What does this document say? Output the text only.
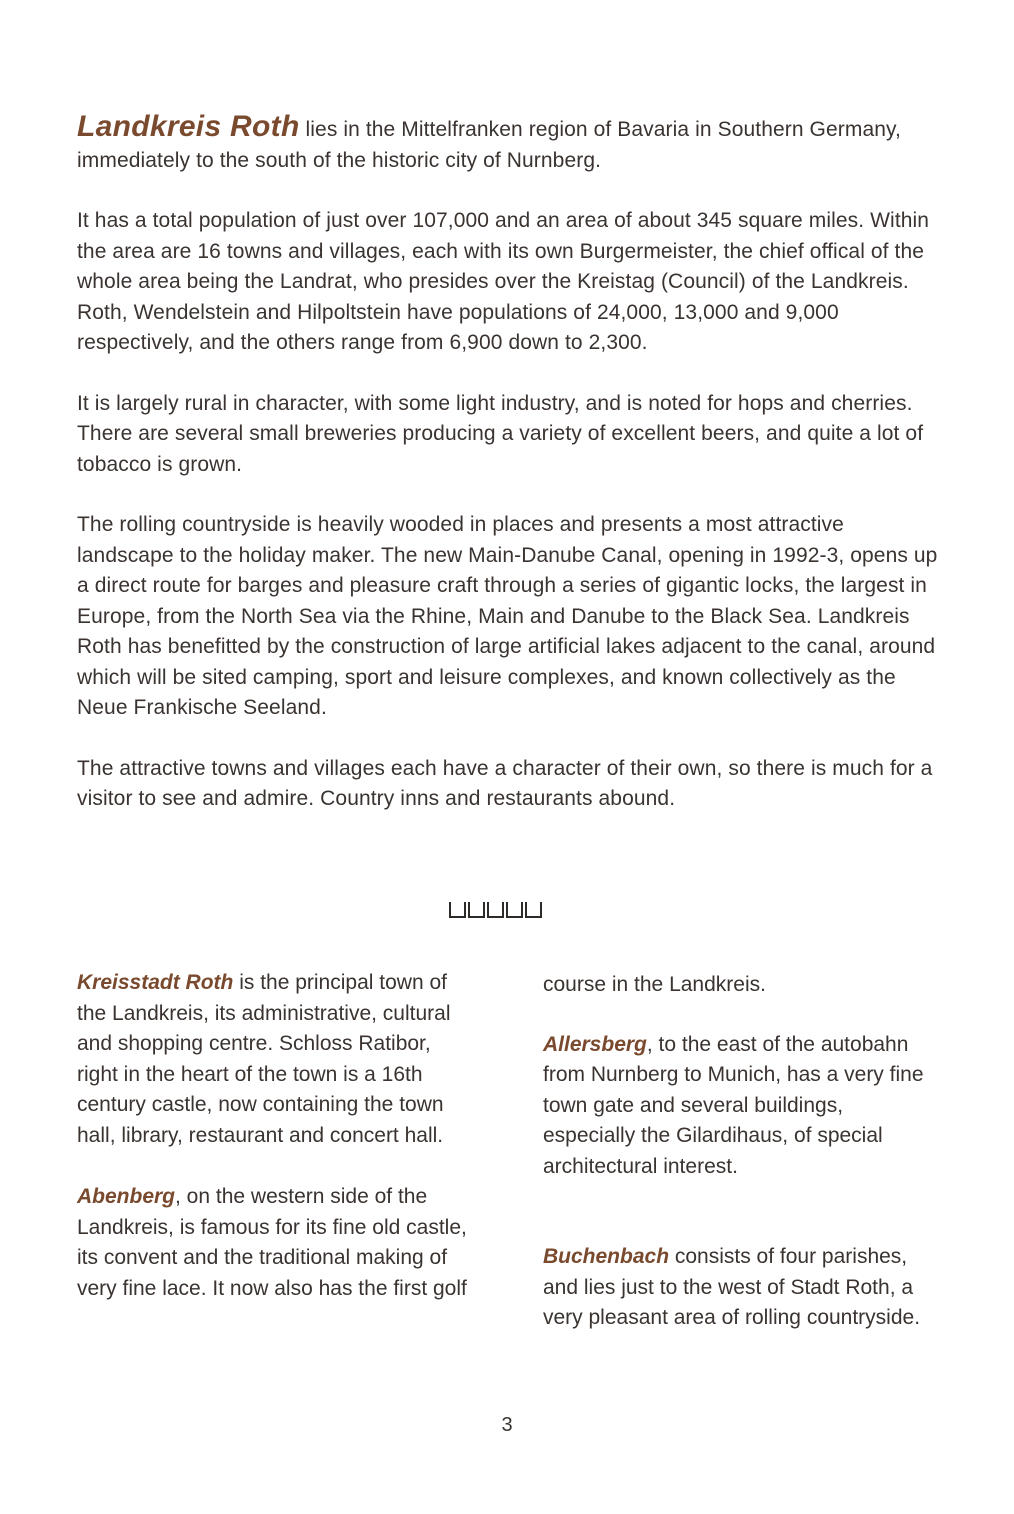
Landkreis Roth lies in the Mittelfranken region of Bavaria in Southern Germany, immediately to the south of the historic city of Nurnberg.

It has a total population of just over 107,000 and an area of about 345 square miles. Within the area are 16 towns and villages, each with its own Burgermeister, the chief offical of the whole area being the Landrat, who presides over the Kreistag (Council) of the Landkreis. Roth, Wendelstein and Hilpoltstein have populations of 24,000, 13,000 and 9,000 respectively, and the others range from 6,900 down to 2,300.

It is largely rural in character, with some light industry, and is noted for hops and cherries. There are several small breweries producing a variety of excellent beers, and quite a lot of tobacco is grown.

The rolling countryside is heavily wooded in places and presents a most attractive landscape to the holiday maker. The new Main-Danube Canal, opening in 1992-3, opens up a direct route for barges and pleasure craft through a series of gigantic locks, the largest in Europe, from the North Sea via the Rhine, Main and Danube to the Black Sea. Landkreis Roth has benefitted by the construction of large artificial lakes adjacent to the canal, around which will be sited camping, sport and leisure complexes, and known collectively as the Neue Frankische Seeland.

The attractive towns and villages each have a character of their own, so there is much for a visitor to see and admire. Country inns and restaurants abound.

Kreisstadt Roth is the principal town of the Landkreis, its administrative, cultural and shopping centre. Schloss Ratibor, right in the heart of the town is a 16th century castle, now containing the town hall, library, restaurant and concert hall.

Abenberg, on the western side of the Landkreis, is famous for its fine old castle, its convent and the traditional making of very fine lace. It now also has the first golf

course in the Landkreis.

Allersberg, to the east of the autobahn from Nurnberg to Munich, has a very fine town gate and several buildings, especially the Gilardihaus, of special architectural interest.

Buchenbach consists of four parishes, and lies just to the west of Stadt Roth, a very pleasant area of rolling countryside.

3
